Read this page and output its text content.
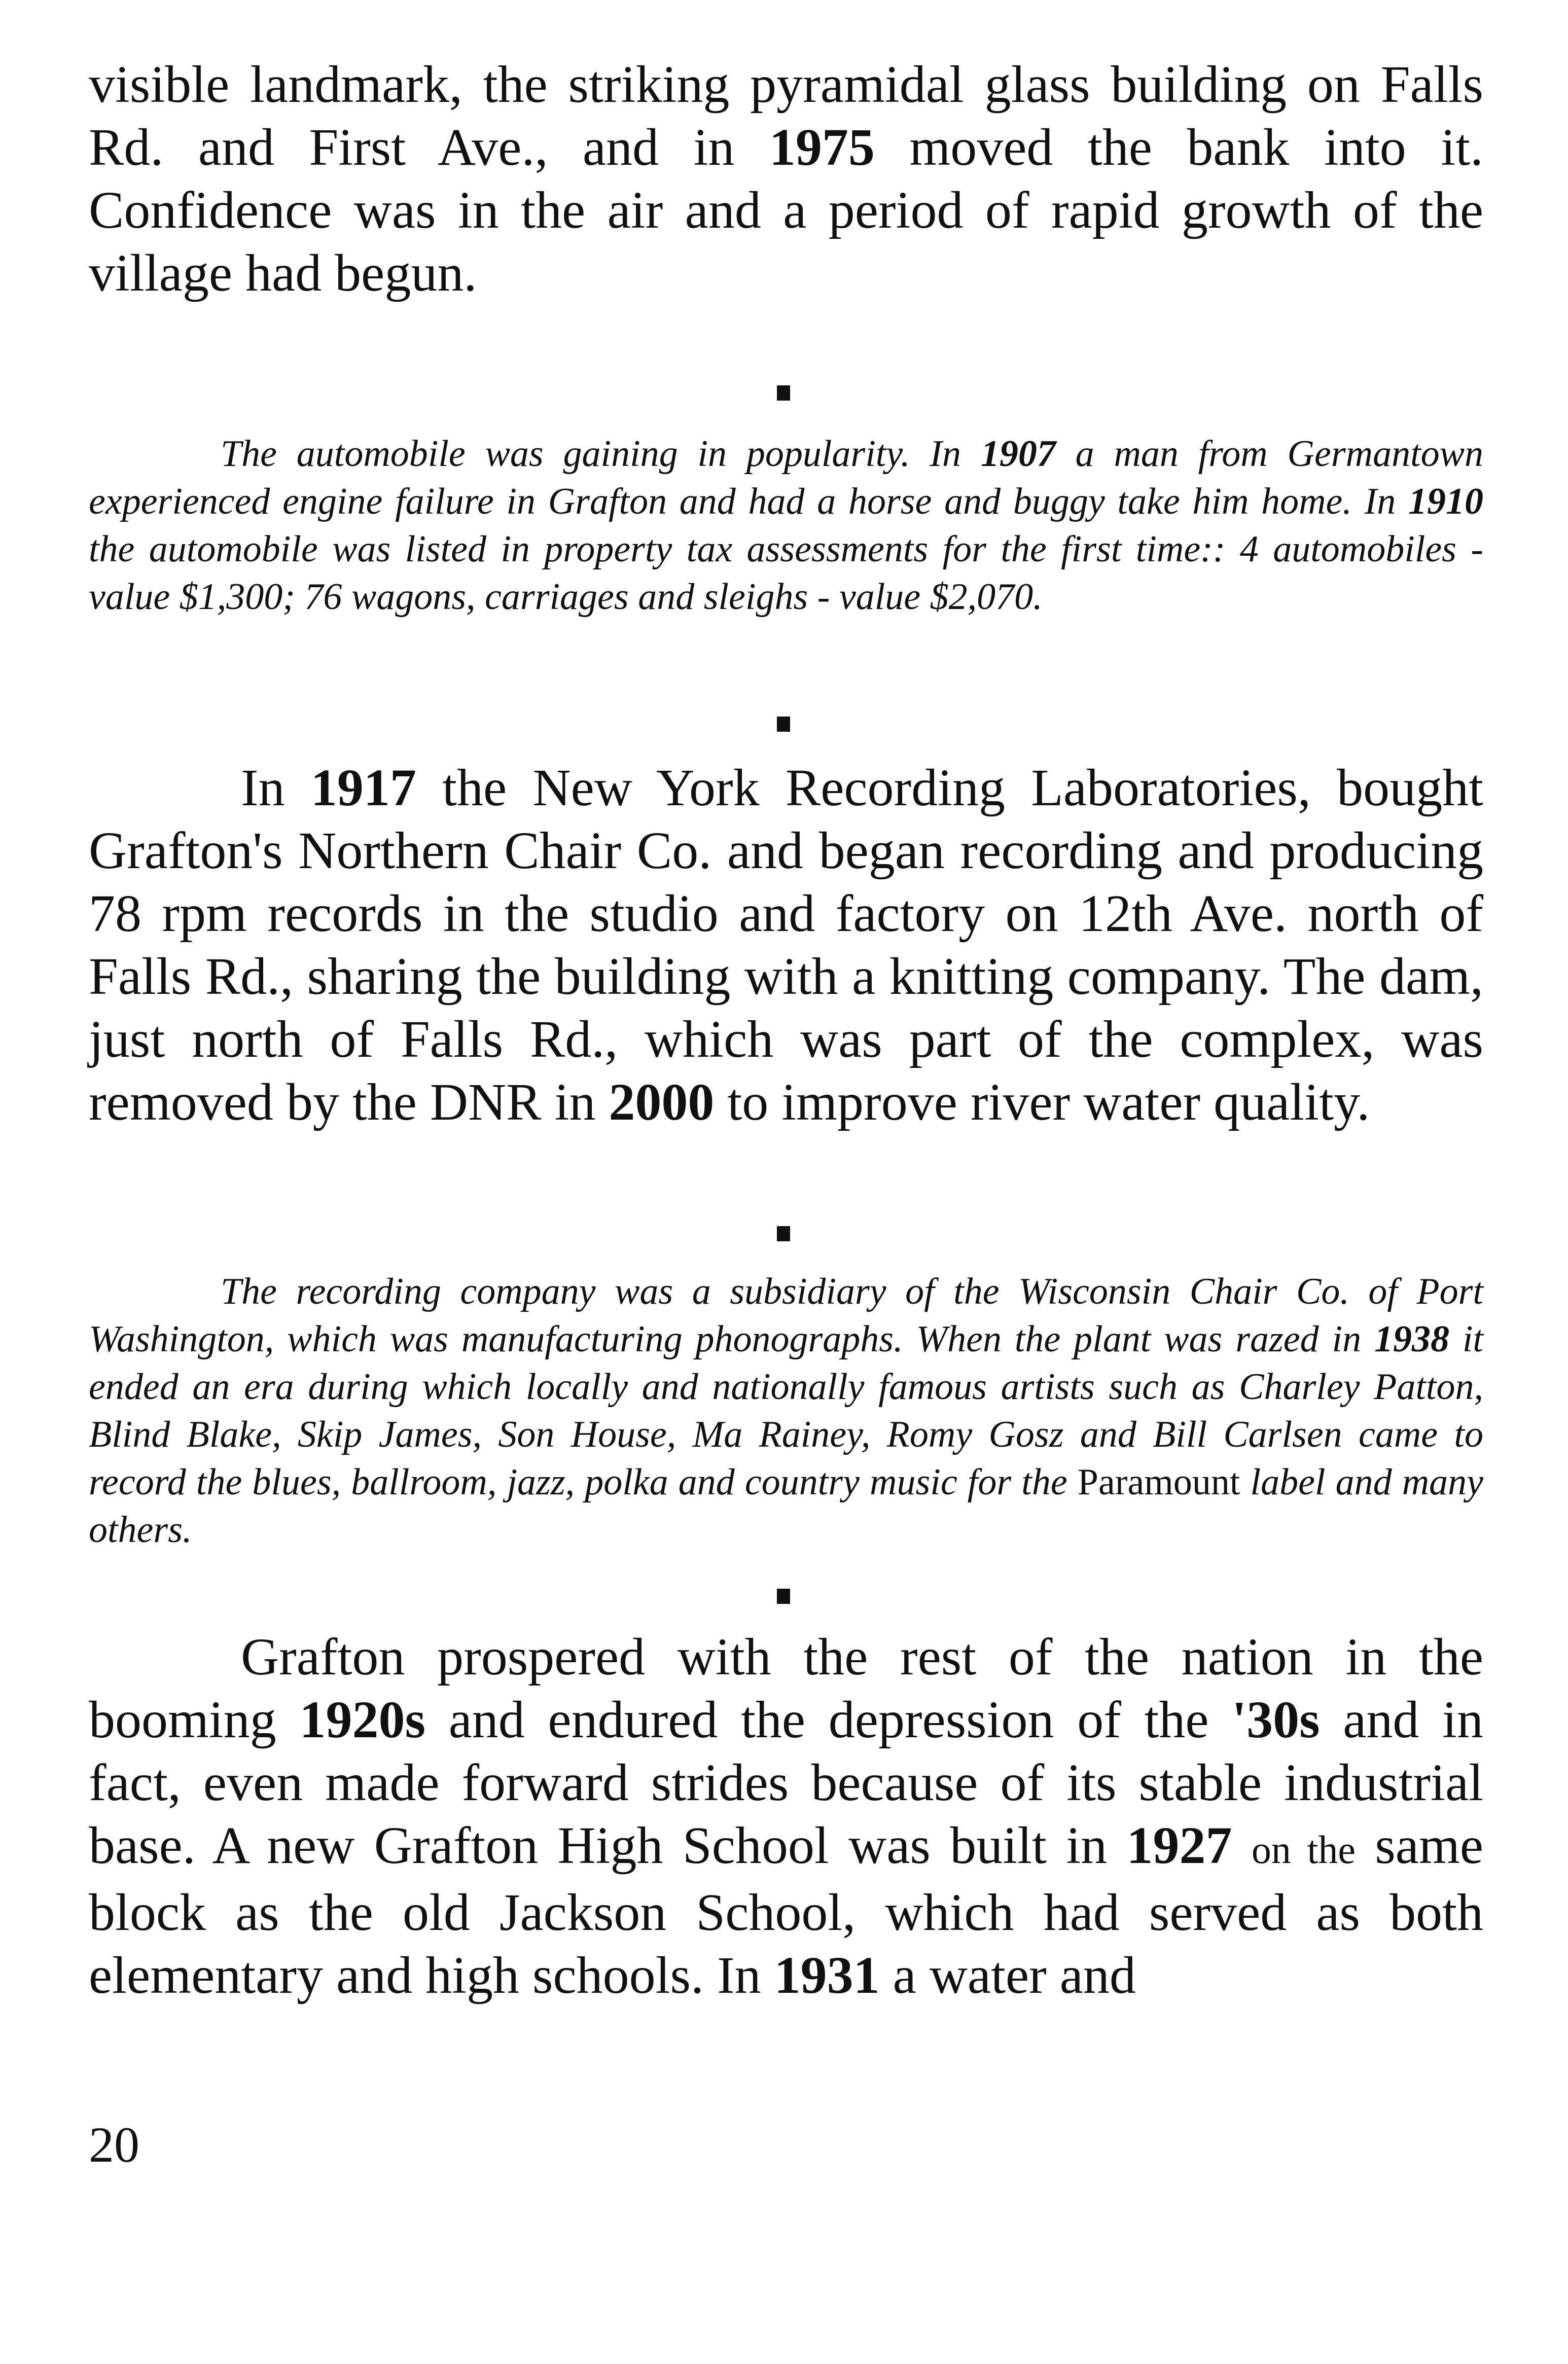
visible landmark, the striking pyramidal glass building on Falls Rd. and First Ave., and in 1975 moved the bank into it. Confidence was in the air and a period of rapid growth of the village had begun.

The automobile was gaining in popularity. In 1907 a man from Germantown experienced engine failure in Grafton and had a horse and buggy take him home. In 1910 the automobile was listed in property tax assessments for the first time:: 4 automobiles - value $1,300; 76 wagons, carriages and sleighs - value $2,070.

In 1917 the New York Recording Laboratories, bought Grafton's Northern Chair Co. and began recording and producing 78 rpm records in the studio and factory on 12th Ave. north of Falls Rd., sharing the building with a knitting company. The dam, just north of Falls Rd., which was part of the complex, was removed by the DNR in 2000 to improve river water quality.

The recording company was a subsidiary of the Wisconsin Chair Co. of Port Washington, which was manufacturing phonographs. When the plant was razed in 1938 it ended an era during which locally and nationally famous artists such as Charley Patton, Blind Blake, Skip James, Son House, Ma Rainey, Romy Gosz and Bill Carlsen came to record the blues, ballroom, jazz, polka and country music for the Paramount label and many others.

Grafton prospered with the rest of the nation in the booming 1920s and endured the depression of the '30s and in fact, even made forward strides because of its stable industrial base. A new Grafton High School was built in 1927 on the same block as the old Jackson School, which had served as both elementary and high schools. In 1931 a water and

20
